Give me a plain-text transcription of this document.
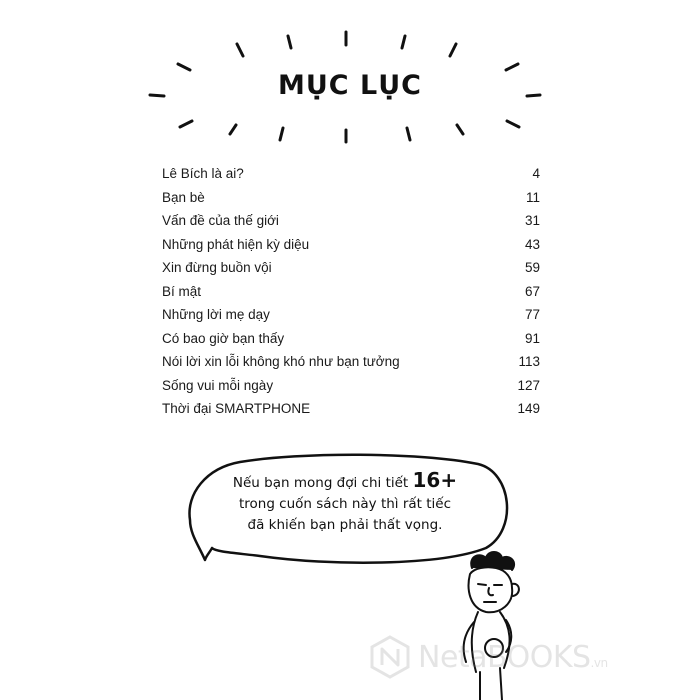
MỤC LỤC
Lê Bích là ai?	4
Bạn bè	11
Vấn đề của thế giới	31
Những phát hiện kỳ diệu	43
Xin đừng buồn vội	59
Bí mật	67
Những lời mẹ dạy	77
Có bao giờ bạn thấy	91
Nói lời xin lỗi không khó như bạn tưởng	113
Sống vui mỗi ngày	127
Thời đại SMARTPHONE	149
Nếu bạn mong đợi chi tiết 16+
trong cuốn sách này thì rất tiếc
đã khiến bạn phải thất vọng.
NetaBOOKS.vn
